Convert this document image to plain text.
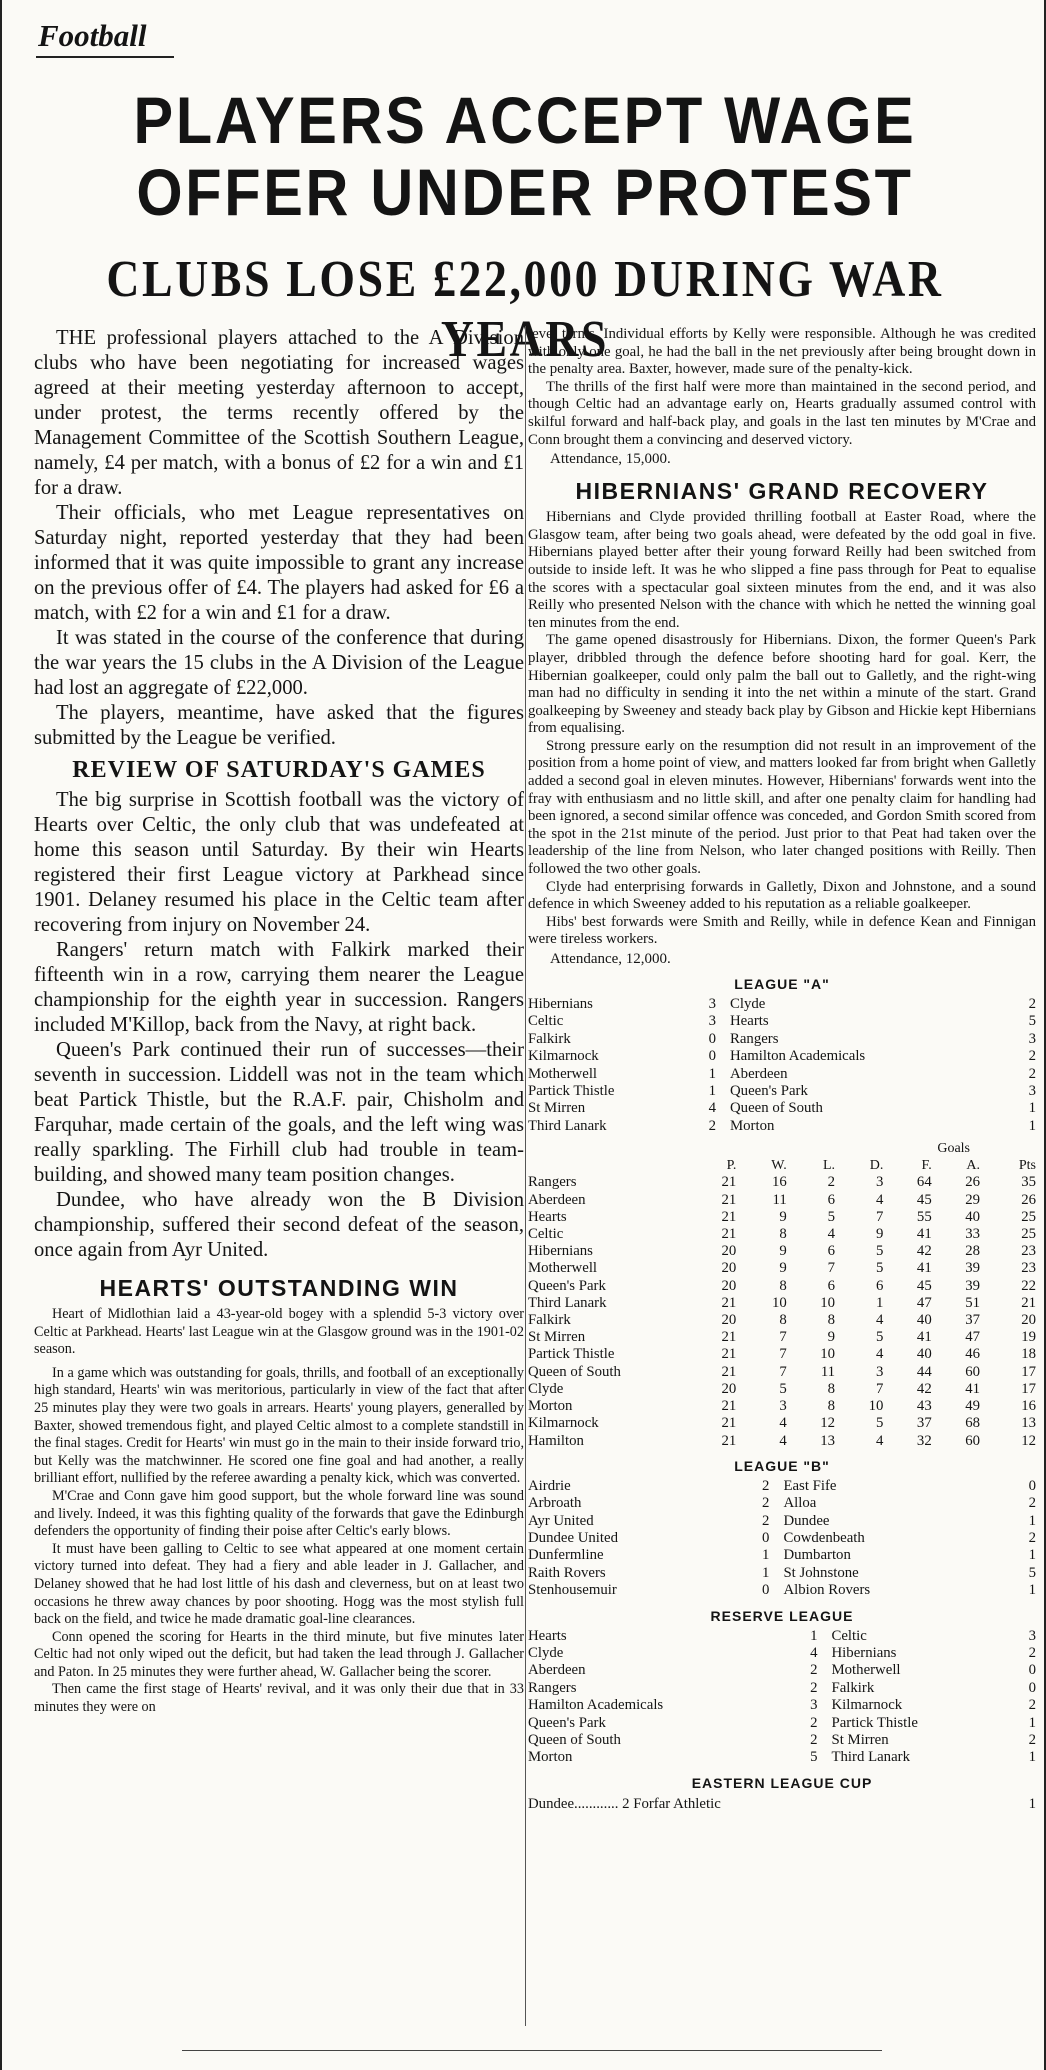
Football
PLAYERS ACCEPT WAGE OFFER UNDER PROTEST
CLUBS LOSE £22,000 DURING WAR YEARS

THE professional players attached to the A Division clubs who have been negotiating for increased wages agreed at their meeting yesterday afternoon to accept, under protest, the terms recently offered by the Management Committee of the Scottish Southern League, namely, £4 per match, with a bonus of £2 for a win and £1 for a draw.

Their officials, who met League representatives on Saturday night, reported yesterday that they had been informed that it was quite impossible to grant any increase on the previous offer of £4. The players had asked for £6 a match, with £2 for a win and £1 for a draw.

It was stated in the course of the conference that during the war years the 15 clubs in the A Division of the League had lost an aggregate of £22,000.

The players, meantime, have asked that the figures submitted by the League be verified.

REVIEW OF SATURDAY'S GAMES

The big surprise in Scottish football was the victory of Hearts over Celtic, the only club that was undefeated at home this season until Saturday. By their win Hearts registered their first League victory at Parkhead since 1901. Delaney resumed his place in the Celtic team after recovering from injury on November 24.

Rangers' return match with Falkirk marked their fifteenth win in a row, carrying them nearer the League championship for the eighth year in succession. Rangers included M'Killop, back from the Navy, at right back.

Queen's Park continued their run of successes—their seventh in succession. Liddell was not in the team which beat Partick Thistle, but the R.A.F. pair, Chisholm and Farquhar, made certain of the goals, and the left wing was really sparkling. The Firhill club had trouble in team-building, and showed many team position changes.

Dundee, who have already won the B Division championship, suffered their second defeat of the season, once again from Ayr United.

HEARTS' OUTSTANDING WIN

Heart of Midlothian laid a 43-year-old bogey with a splendid 5-3 victory over Celtic at Parkhead. Hearts' last League win at the Glasgow ground was in the 1901-02 season.

In a game which was outstanding for goals, thrills, and football of an exceptionally high standard, Hearts' win was meritorious, particularly in view of the fact that after 25 minutes play they were two goals in arrears. Hearts' young players, generalled by Baxter, showed tremendous fight, and played Celtic almost to a complete standstill in the final stages. Credit for Hearts' win must go in the main to their inside forward trio, but Kelly was the matchwinner. He scored one fine goal and had another, a really brilliant effort, nullified by the referee awarding a penalty kick, which was converted.

M'Crae and Conn gave him good support, but the whole forward line was sound and lively. Indeed, it was this fighting quality of the forwards that gave the Edinburgh defenders the opportunity of finding their poise after Celtic's early blows.

It must have been galling to Celtic to see what appeared at one moment certain victory turned into defeat. They had a fiery and able leader in J. Gallacher, and Delaney showed that he had lost little of his dash and cleverness, but on at least two occasions he threw away chances by poor shooting. Hogg was the most stylish full back on the field, and twice he made dramatic goal-line clearances.

Conn opened the scoring for Hearts in the third minute, but five minutes later Celtic had not only wiped out the deficit, but had taken the lead through J. Gallacher and Paton. In 25 minutes they were further ahead, W. Gallacher being the scorer.

Then came the first stage of Hearts' revival, and it was only their due that in 33 minutes they were on

level terms. Individual efforts by Kelly were responsible. Although he was credited with only one goal, he had the ball in the net previously after being brought down in the penalty area. Baxter, however, made sure of the penalty-kick.

The thrills of the first half were more than maintained in the second period, and though Celtic had an advantage early on, Hearts gradually assumed control with skilful forward and half-back play, and goals in the last ten minutes by M'Crae and Conn brought them a convincing and deserved victory.

Attendance, 15,000.

HIBERNIANS' GRAND RECOVERY

Hibernians and Clyde provided thrilling football at Easter Road, where the Glasgow team, after being two goals ahead, were defeated by the odd goal in five. Hibernians played better after their young forward Reilly had been switched from outside to inside left. It was he who slipped a fine pass through for Peat to equalise the scores with a spectacular goal sixteen minutes from the end, and it was also Reilly who presented Nelson with the chance with which he netted the winning goal ten minutes from the end.

The game opened disastrously for Hibernians. Dixon, the former Queen's Park player, dribbled through the defence before shooting hard for goal. Kerr, the Hibernian goalkeeper, could only palm the ball out to Galletly, and the right-wing man had no difficulty in sending it into the net within a minute of the start. Grand goalkeeping by Sweeney and steady back play by Gibson and Hickie kept Hibernians from equalising.

Strong pressure early on the resumption did not result in an improvement of the position from a home point of view, and matters looked far from bright when Galletly added a second goal in eleven minutes. However, Hibernians' forwards went into the fray with enthusiasm and no little skill, and after one penalty claim for handling had been ignored, a second similar offence was conceded, and Gordon Smith scored from the spot in the 21st minute of the period. Just prior to that Peat had taken over the leadership of the line from Nelson, who later changed positions with Reilly. Then followed the two other goals.

Clyde had enterprising forwards in Galletly, Dixon and Johnstone, and a sound defence in which Sweeney added to his reputation as a reliable goalkeeper.

Hibs' best forwards were Smith and Reilly, while in defence Kean and Finnigan were tireless workers.

Attendance, 12,000.

LEAGUE "A"
Hibernians	3	Clyde	2
Celtic	3	Hearts	5
Falkirk	0	Rangers	3
Kilmarnock	0	Hamilton Academicals	2
Motherwell	1	Aberdeen	2
Partick Thistle	1	Queen's Park	3
St Mirren	4	Queen of South	1
Third Lanark	2	Morton	1
Goals
	P.	W.	L.	D.	F.	A.	Pts
Rangers	21	16	2	3	64	26	35
Aberdeen	21	11	6	4	45	29	26
Hearts	21	9	5	7	55	40	25
Celtic	21	8	4	9	41	33	25
Hibernians	20	9	6	5	42	28	23
Motherwell	20	9	7	5	41	39	23
Queen's Park	20	8	6	6	45	39	22
Third Lanark	21	10	10	1	47	51	21
Falkirk	20	8	8	4	40	37	20
St Mirren	21	7	9	5	41	47	19
Partick Thistle	21	7	10	4	40	46	18
Queen of South	21	7	11	3	44	60	17
Clyde	20	5	8	7	42	41	17
Morton	21	3	8	10	43	49	16
Kilmarnock	21	4	12	5	37	68	13
Hamilton	21	4	13	4	32	60	12
LEAGUE "B"
Airdrie	2	East Fife	0
Arbroath	2	Alloa	2
Ayr United	2	Dundee	1
Dundee United	0	Cowdenbeath	2
Dunfermline	1	Dumbarton	1
Raith Rovers	1	St Johnstone	5
Stenhousemuir	0	Albion Rovers	1
RESERVE LEAGUE
Hearts	1	Celtic	3
Clyde	4	Hibernians	2
Aberdeen	2	Motherwell	0
Rangers	2	Falkirk	0
Hamilton Academicals	3	Kilmarnock	2
Queen's Park	2	Partick Thistle	1
Queen of South	2	St Mirren	2
Morton	5	Third Lanark	1
EASTERN LEAGUE CUP
Dundee............ 2 Forfar Athletic	1
